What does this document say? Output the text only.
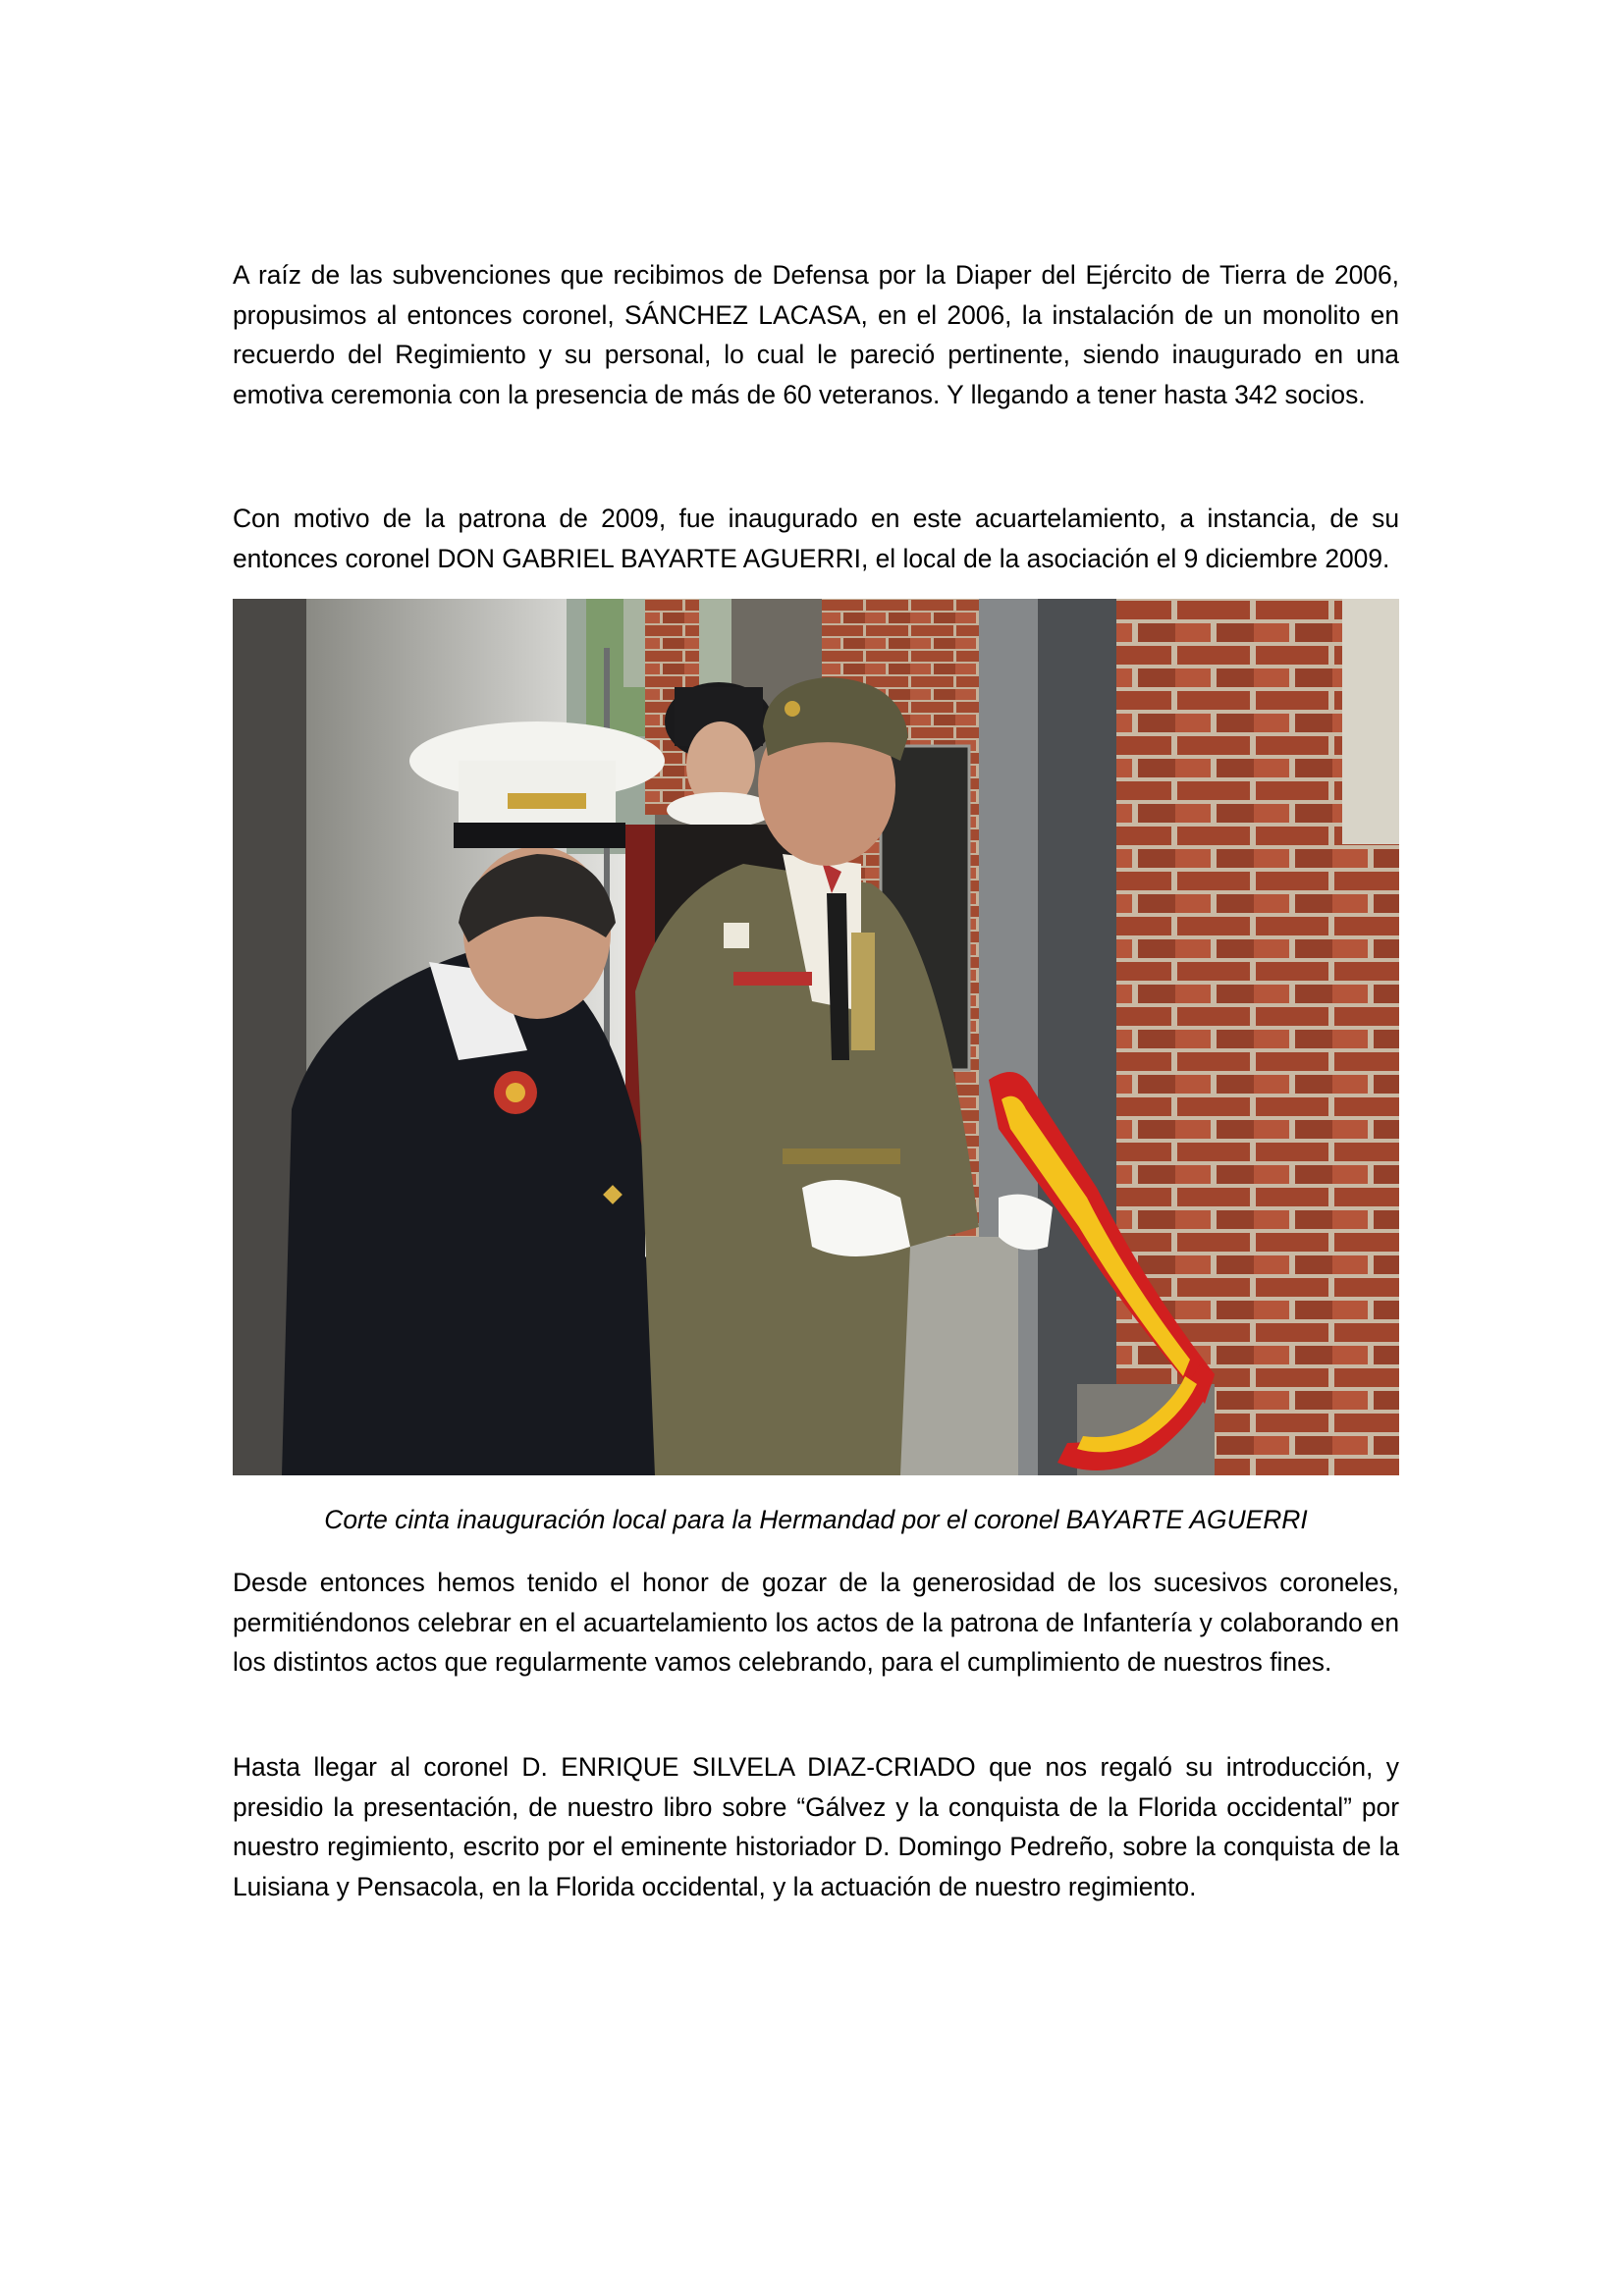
A raíz de las subvenciones que recibimos de Defensa por la Diaper del Ejército de Tierra de 2006, propusimos al entonces coronel, SÁNCHEZ LACASA, en el 2006, la instalación de un monolito en recuerdo del Regimiento y su personal, lo cual le pareció pertinente, siendo inaugurado en una emotiva ceremonia con la presencia de más de 60 veteranos. Y llegando a tener hasta 342 socios.

Con motivo de la patrona de 2009, fue inaugurado en este acuartelamiento, a instancia, de su entonces coronel DON GABRIEL BAYARTE AGUERRI, el local de la asociación el 9 diciembre 2009.

Corte cinta inauguración local para la Hermandad por el coronel BAYARTE AGUERRI

Desde entonces hemos tenido el honor de gozar de la generosidad de los sucesivos coroneles, permitiéndonos celebrar en el acuartelamiento los actos de la patrona de Infantería y colaborando en los distintos actos que regularmente vamos celebrando, para el cumplimiento de nuestros fines.

Hasta llegar al coronel D. ENRIQUE SILVELA DIAZ-CRIADO que nos regaló su introducción, y presidio la presentación, de nuestro libro sobre “Gálvez y la conquista de la Florida occidental” por nuestro regimiento, escrito por el eminente historiador D. Domingo Pedreño, sobre la conquista de la Luisiana y Pensacola, en la Florida occidental, y la actuación de nuestro regimiento.
